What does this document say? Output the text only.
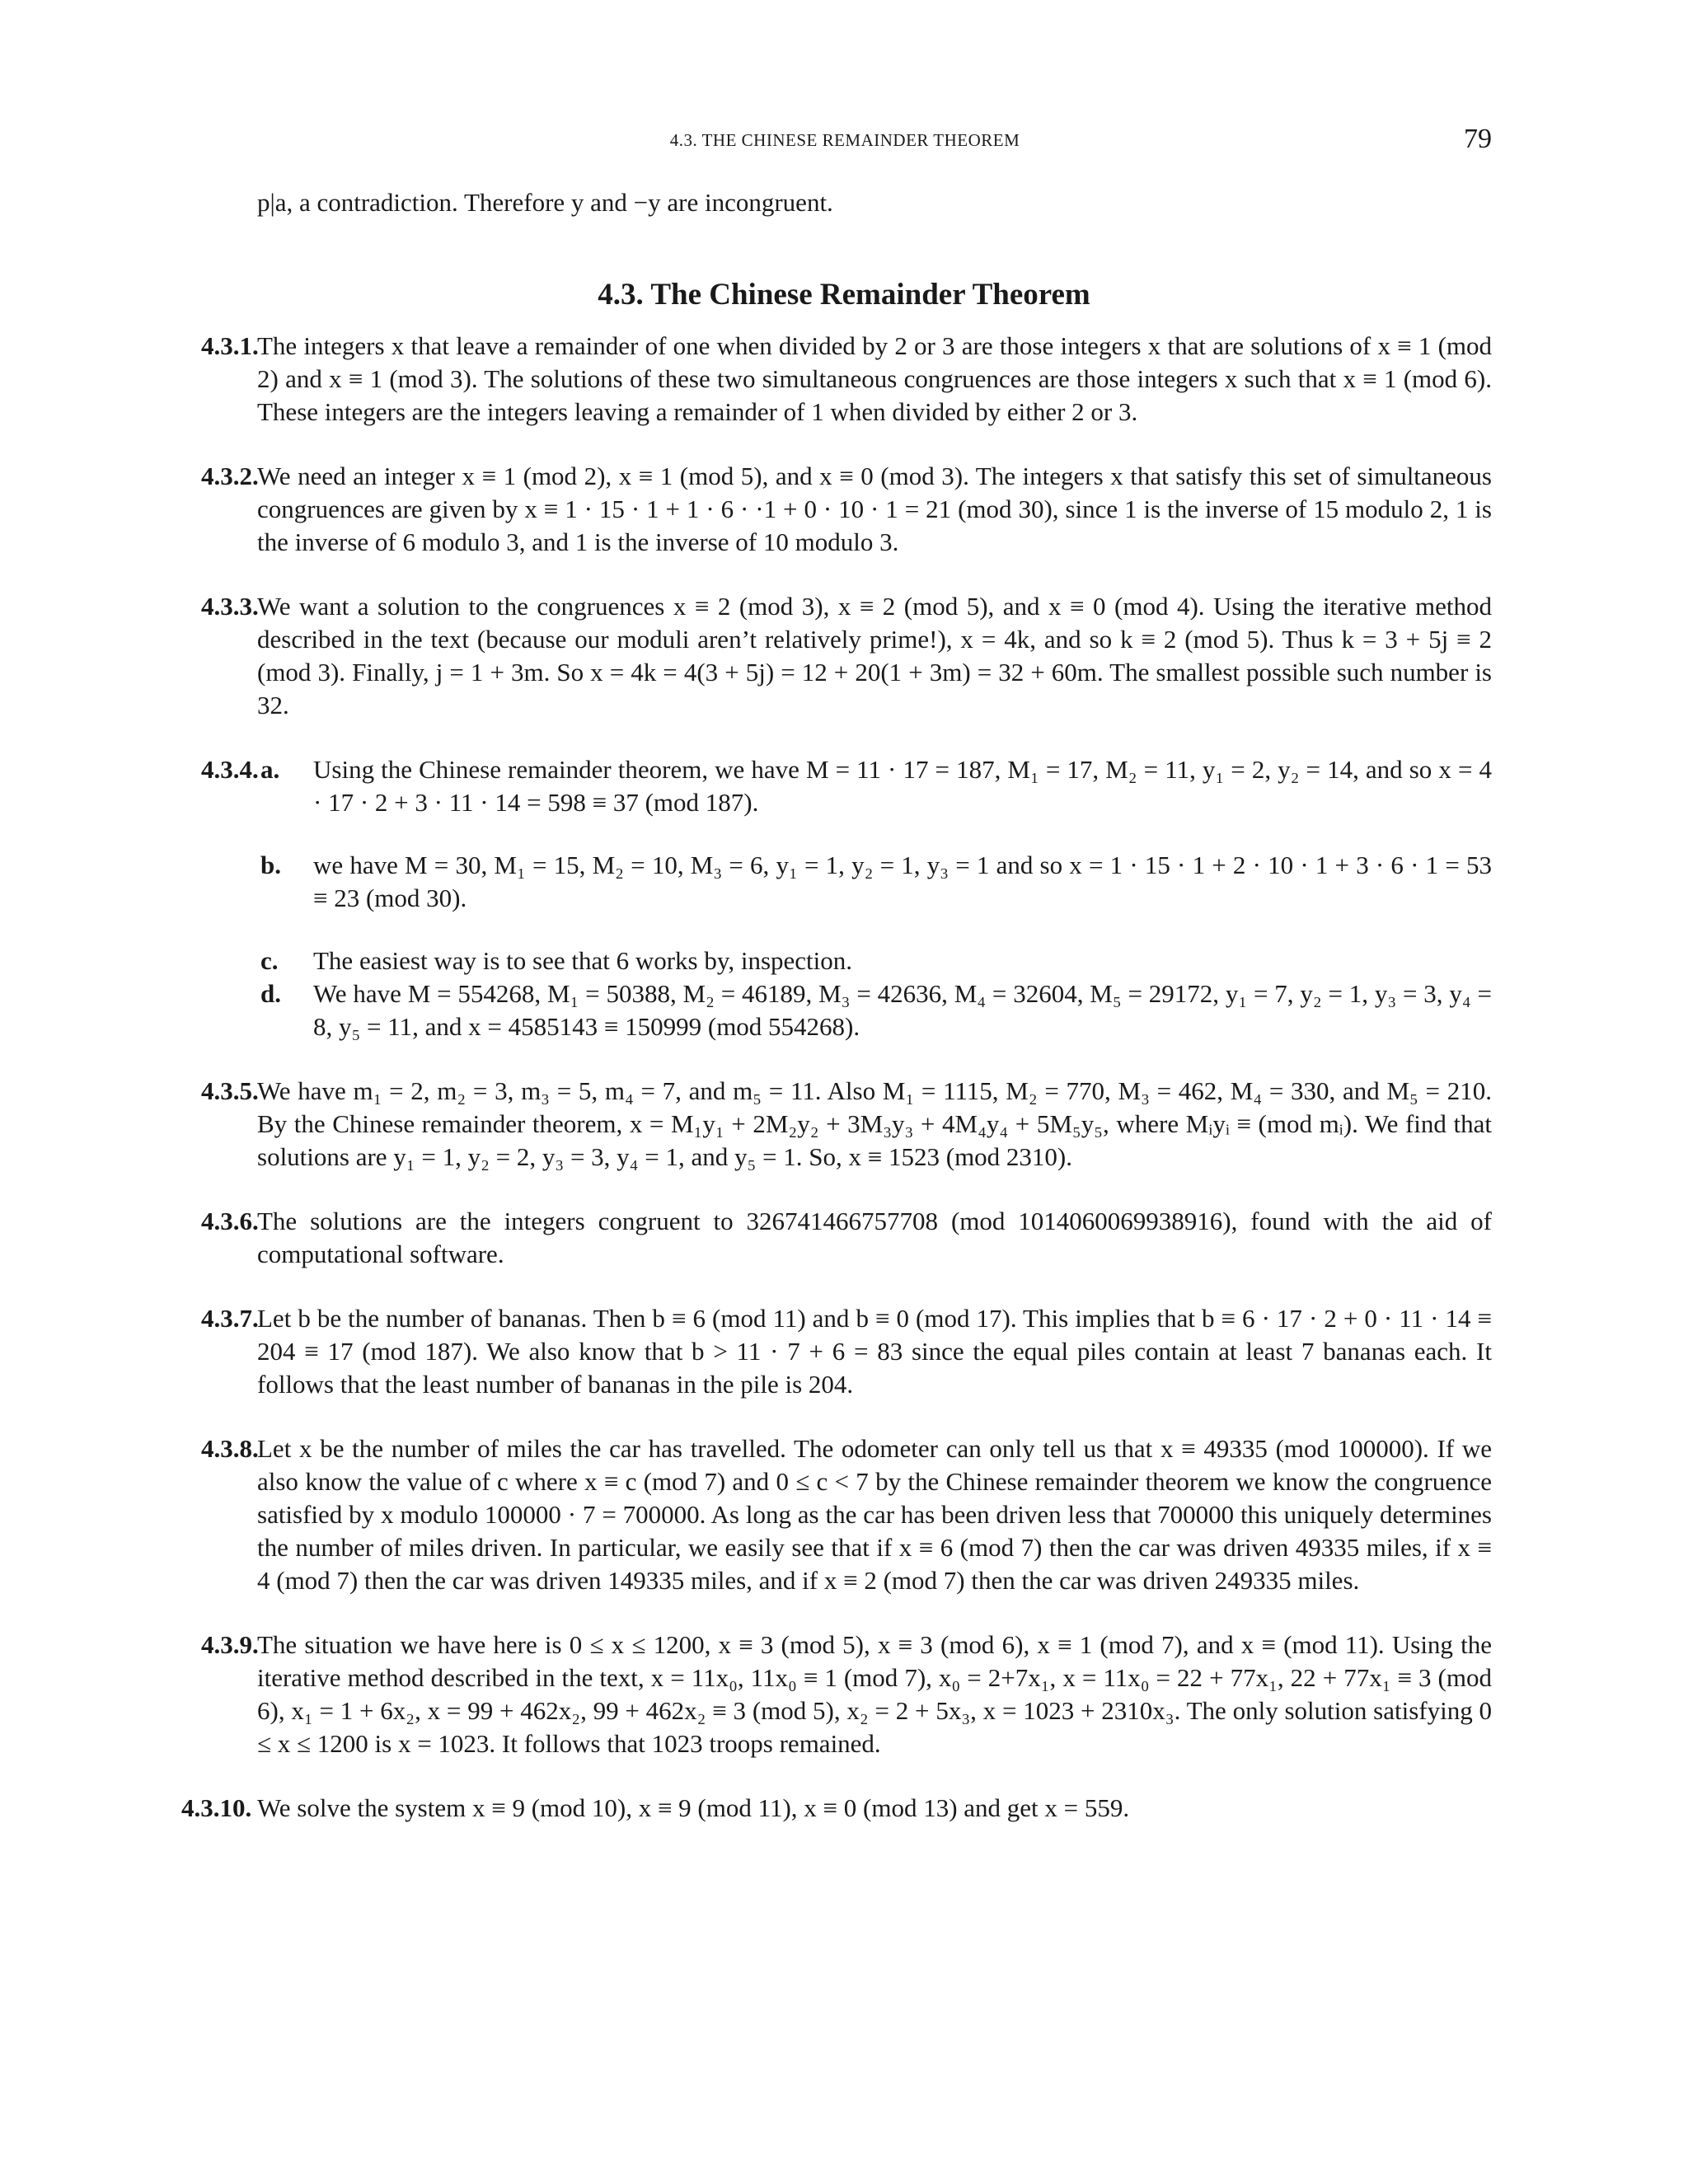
4.3. THE CHINESE REMAINDER THEOREM	79
p|a, a contradiction. Therefore y and −y are incongruent.
4.3. The Chinese Remainder Theorem
4.3.1.
The integers x that leave a remainder of one when divided by 2 or 3 are those integers x that are solutions of x ≡ 1 (mod 2) and x ≡ 1 (mod 3). The solutions of these two simultaneous congruences are those integers x such that x ≡ 1 (mod 6). These integers are the integers leaving a remainder of 1 when divided by either 2 or 3.
4.3.2.
We need an integer x ≡ 1 (mod 2), x ≡ 1 (mod 5), and x ≡ 0 (mod 3). The integers x that satisfy this set of simultaneous congruences are given by x ≡ 1 · 15 · 1 + 1 · 6 · ·1 + 0 · 10 · 1 = 21 (mod 30), since 1 is the inverse of 15 modulo 2, 1 is the inverse of 6 modulo 3, and 1 is the inverse of 10 modulo 3.
4.3.3.
We want a solution to the congruences x ≡ 2 (mod 3), x ≡ 2 (mod 5), and x ≡ 0 (mod 4). Using the iterative method described in the text (because our moduli aren’t relatively prime!), x = 4k, and so k ≡ 2 (mod 5). Thus k = 3 + 5j ≡ 2 (mod 3). Finally, j = 1 + 3m. So x = 4k = 4(3 + 5j) = 12 + 20(1 + 3m) = 32 + 60m. The smallest possible such number is 32.
4.3.4. a. Using the Chinese remainder theorem, we have M = 11 · 17 = 187, M₁ = 17, M₂ = 11, y₁ = 2, y₂ = 14, and so x = 4 · 17 · 2 + 3 · 11 · 14 = 598 ≡ 37 (mod 187).
b. we have M = 30, M₁ = 15, M₂ = 10, M₃ = 6, y₁ = 1, y₂ = 1, y₃ = 1 and so x = 1 · 15 · 1 + 2 · 10 · 1 + 3 · 6 · 1 = 53 ≡ 23 (mod 30).
c. The easiest way is to see that 6 works by, inspection.
d. We have M = 554268, M₁ = 50388, M₂ = 46189, M₃ = 42636, M₄ = 32604, M₅ = 29172, y₁ = 7, y₂ = 1, y₃ = 3, y₄ = 8, y₅ = 11, and x = 4585143 ≡ 150999 (mod 554268).
4.3.5.
We have m₁ = 2, m₂ = 3, m₃ = 5, m₄ = 7, and m₅ = 11. Also M₁ = 1115, M₂ = 770, M₃ = 462, M₄ = 330, and M₅ = 210. By the Chinese remainder theorem, x = M₁y₁ + 2M₂y₂ + 3M₃y₃ + 4M₄y₄ + 5M₅y₅, where Mᵢyᵢ ≡ (mod mᵢ). We find that solutions are y₁ = 1, y₂ = 2, y₃ = 3, y₄ = 1, and y₅ = 1. So, x ≡ 1523 (mod 2310).
4.3.6.
The solutions are the integers congruent to 326741466757708 (mod 1014060069938916), found with the aid of computational software.
4.3.7.
Let b be the number of bananas. Then b ≡ 6 (mod 11) and b ≡ 0 (mod 17). This implies that b ≡ 6 · 17 · 2 + 0 · 11 · 14 ≡ 204 ≡ 17 (mod 187). We also know that b > 11 · 7 + 6 = 83 since the equal piles contain at least 7 bananas each. It follows that the least number of bananas in the pile is 204.
4.3.8.
Let x be the number of miles the car has travelled. The odometer can only tell us that x ≡ 49335 (mod 100000). If we also know the value of c where x ≡ c (mod 7) and 0 ≤ c < 7 by the Chinese remainder theorem we know the congruence satisfied by x modulo 100000 · 7 = 700000. As long as the car has been driven less that 700000 this uniquely determines the number of miles driven. In particular, we easily see that if x ≡ 6 (mod 7) then the car was driven 49335 miles, if x ≡ 4 (mod 7) then the car was driven 149335 miles, and if x ≡ 2 (mod 7) then the car was driven 249335 miles.
4.3.9.
The situation we have here is 0 ≤ x ≤ 1200, x ≡ 3 (mod 5), x ≡ 3 (mod 6), x ≡ 1 (mod 7), and x ≡ (mod 11). Using the iterative method described in the text, x = 11x₀, 11x₀ ≡ 1 (mod 7), x₀ = 2+7x₁, x = 11x₀ = 22 + 77x₁, 22 + 77x₁ ≡ 3 (mod 6), x₁ = 1 + 6x₂, x = 99 + 462x₂, 99 + 462x₂ ≡ 3 (mod 5), x₂ = 2 + 5x₃, x = 1023 + 2310x₃. The only solution satisfying 0 ≤ x ≤ 1200 is x = 1023. It follows that 1023 troops remained.
4.3.10. We solve the system x ≡ 9 (mod 10), x ≡ 9 (mod 11), x ≡ 0 (mod 13) and get x = 559.
